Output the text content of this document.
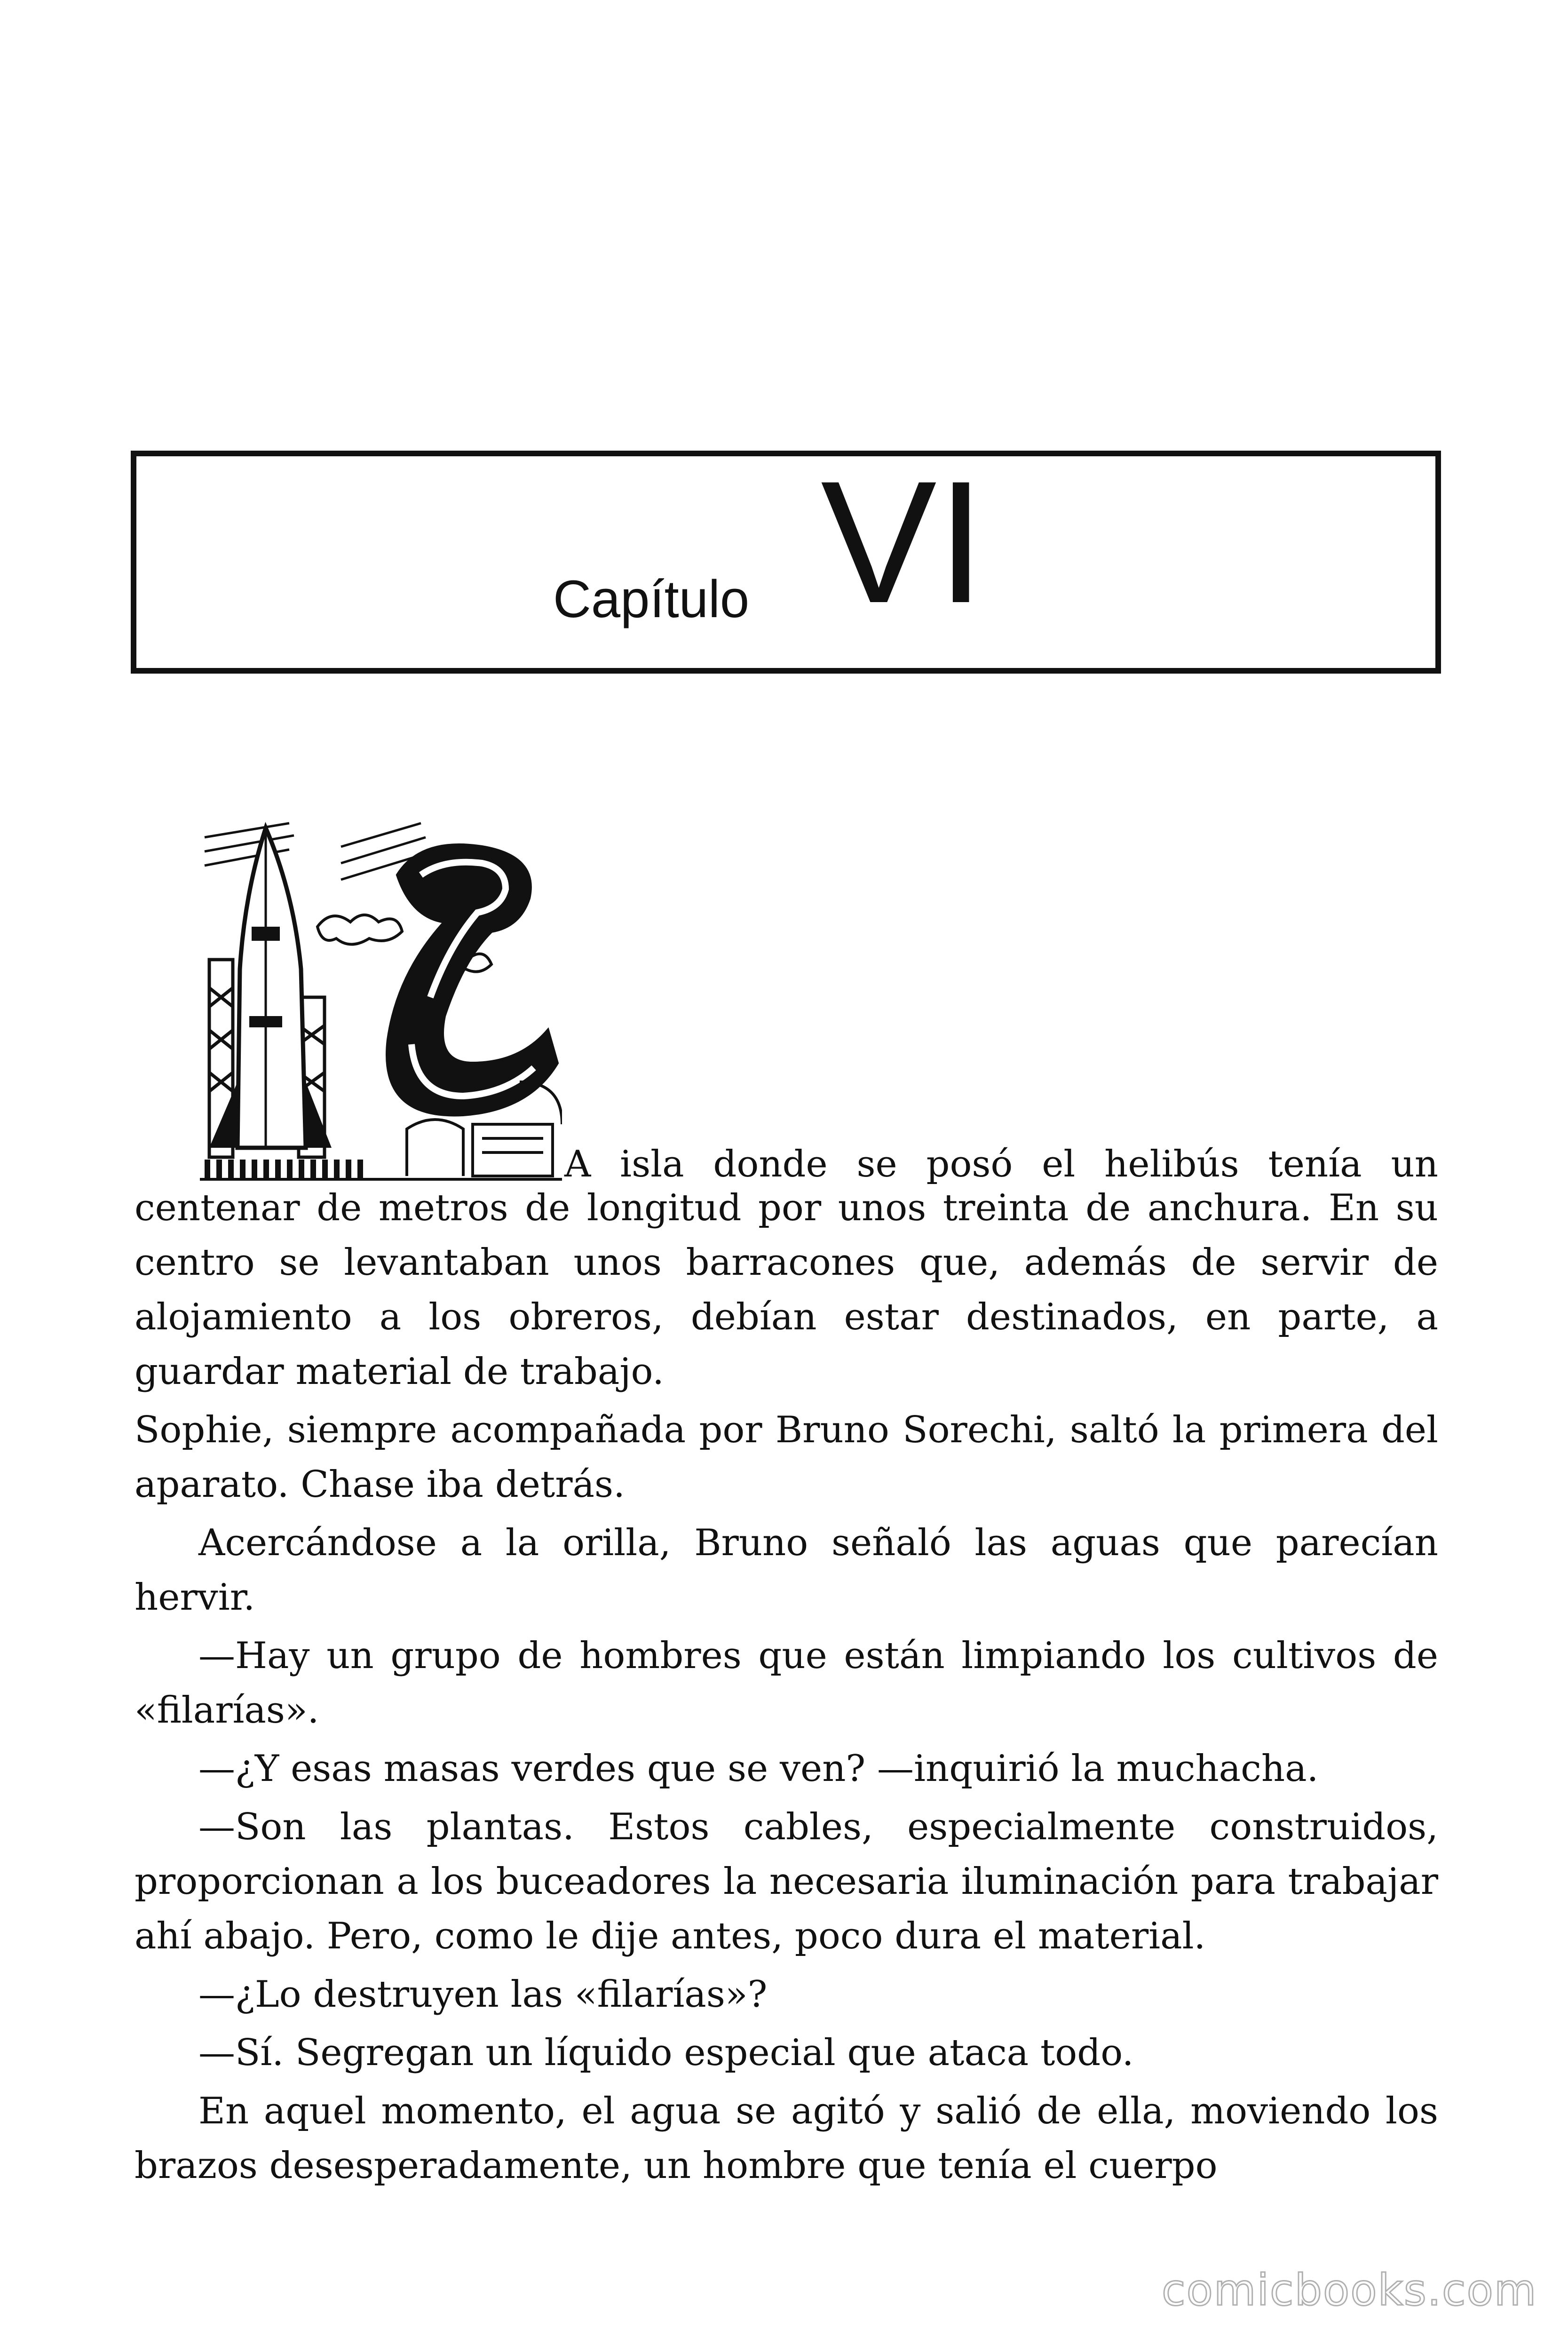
Capítulo VI
A isla donde se posó el helibús tenía un

centenar de metros de longitud por unos treinta de anchura. En su centro se levantaban unos barracones que, además de servir de alojamiento a los obreros, debían estar destinados, en parte, a guardar material de trabajo.

Sophie, siempre acompañada por Bruno Sorechi, saltó la primera del aparato. Chase iba detrás.

Acercándose a la orilla, Bruno señaló las aguas que parecían hervir.

—Hay un grupo de hombres que están limpiando los cultivos de «filarías».

—¿Y esas masas verdes que se ven? —inquirió la muchacha.

—Son las plantas. Estos cables, especialmente construidos, proporcionan a los buceadores la necesaria iluminación para trabajar ahí abajo. Pero, como le dije antes, poco dura el material.

—¿Lo destruyen las «filarías»?

—Sí. Segregan un líquido especial que ataca todo.

En aquel momento, el agua se agitó y salió de ella, moviendo los brazos desesperadamente, un hombre que tenía el cuerpo

comicbooks.com
